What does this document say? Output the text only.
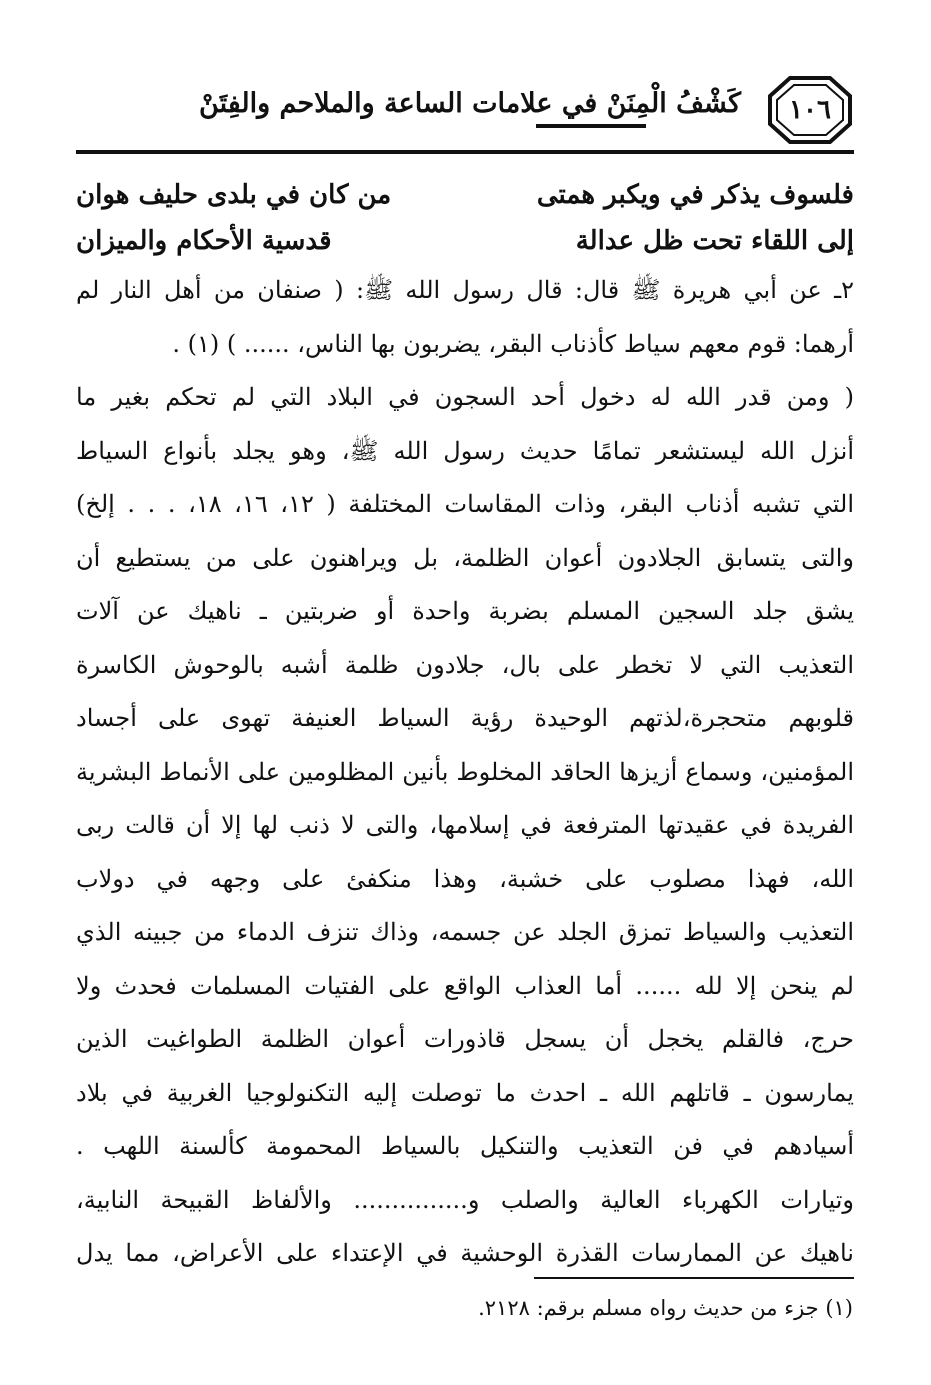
١٠٦
كَشْفُ الْمِنَنْ في علامات الساعة والملاحم والفِتَنْ
فلسوف يذكر في ويكبر همتى
من كان في بلدى حليف هوان
إلى اللقاء تحت ظل عدالة
قدسية الأحكام والميزان
٢ـ عن أبي هريرة ﷺ قال: قال رسول الله ﷺ: ( صنفان من أهل النار لم
أرهما: قوم معهم سياط كأذناب البقر، يضربون بها الناس، ...... ) (١) .
( ومن قدر الله له دخول أحد السجون في البلاد التي لم تحكم بغير ما
أنزل الله ليستشعر تمامًا حديث رسول الله ﷺ، وهو يجلد بأنواع السياط
التي تشبه أذناب البقر، وذات المقاسات المختلفة ( ١٢، ١٦، ١٨، . . . إلخ)
والتى يتسابق الجلادون أعوان الظلمة، بل ويراهنون على من يستطيع أن
يشق جلد السجين المسلم بضربة واحدة أو ضربتين ـ ناهيك عن آلات
التعذيب التي لا تخطر على بال، جلادون ظلمة أشبه بالوحوش الكاسرة
قلوبهم متحجرة،لذتهم الوحيدة رؤية السياط العنيفة تهوى على أجساد
المؤمنين، وسماع أزيزها الحاقد المخلوط بأنين المظلومين على الأنماط البشرية
الفريدة في عقيدتها المترفعة في إسلامها، والتى لا ذنب لها إلا أن قالت ربى
الله، فهذا مصلوب على خشبة، وهذا منكفئ على وجهه في دولاب
التعذيب والسياط تمزق الجلد عن جسمه، وذاك تنزف الدماء من جبينه الذي
لم ينحن إلا لله ...... أما العذاب الواقع على الفتيات المسلمات فحدث ولا
حرج، فالقلم يخجل أن يسجل قاذورات أعوان الظلمة الطواغيت الذين
يمارسون ـ قاتلهم الله ـ احدث ما توصلت إليه التكنولوجيا الغربية في بلاد
أسيادهم في فن التعذيب والتنكيل بالسياط المحمومة كألسنة اللهب .
وتيارات الكهرباء العالية والصلب و............... والألفاظ القبيحة النابية،
ناهيك عن الممارسات القذرة الوحشية في الإعتداء على الأعراض، مما يدل
(١) جزء من حديث رواه مسلم برقم: ٢١٢٨.
